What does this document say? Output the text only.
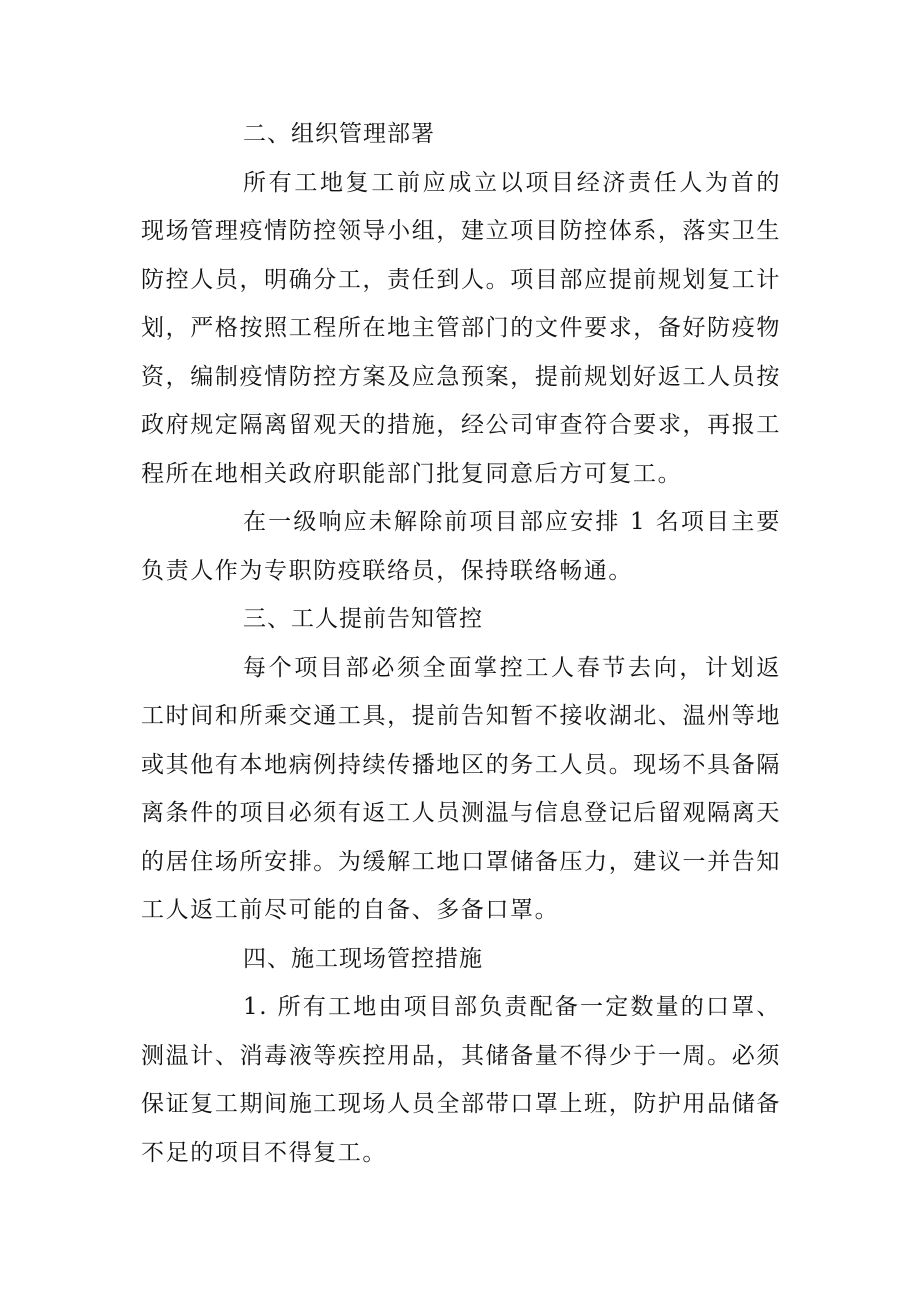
二、组织管理部署

所有工地复工前应成立以项目经济责任人为首的现场管理疫情防控领导小组，建立项目防控体系，落实卫生防控人员，明确分工，责任到人。项目部应提前规划复工计划，严格按照工程所在地主管部门的文件要求，备好防疫物资，编制疫情防控方案及应急预案，提前规划好返工人员按政府规定隔离留观天的措施，经公司审查符合要求，再报工程所在地相关政府职能部门批复同意后方可复工。

在一级响应未解除前项目部应安排 1 名项目主要负责人作为专职防疫联络员，保持联络畅通。

三、工人提前告知管控

每个项目部必须全面掌控工人春节去向，计划返工时间和所乘交通工具，提前告知暂不接收湖北、温州等地或其他有本地病例持续传播地区的务工人员。现场不具备隔离条件的项目必须有返工人员测温与信息登记后留观隔离天的居住场所安排。为缓解工地口罩储备压力，建议一并告知工人返工前尽可能的自备、多备口罩。

四、施工现场管控措施

1. 所有工地由项目部负责配备一定数量的口罩、测温计、消毒液等疾控用品，其储备量不得少于一周。必须保证复工期间施工现场人员全部带口罩上班，防护用品储备不足的项目不得复工。
